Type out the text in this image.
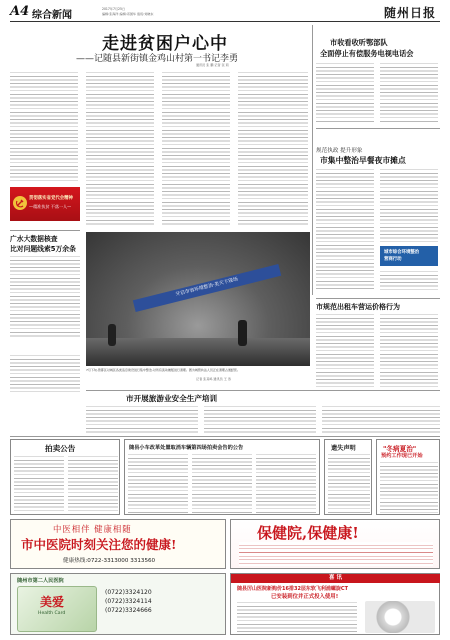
A4 综合新闻
2017年7月25日
编辑:张海洋 编辑:邓国华 值班:刘晓东	随州日报
走进贫困户心中
——记随县新街镇金鸡山村第一书记李勇
通讯员 张 鹏 记者 张 莉
贯彻落实省党代会精神
—精准扶贫 不落一人—
市收看收听鄂部队
全面停止有偿服务电视电话会
规范执政 提升形象
市集中整治早餐夜市摊点
城市综合环境整治
营商行动
广水大数据核查
比对问题线索5万余条
开启市容环境整治·美天下现场
7月下旬,曾都区对城区各类违章建设进行集中整治,对所有流动摊贩进行清理。图为城管执法人员正在清理占道经营。
记者 张其鸣 通讯员 王 涛
市规范出租车营运价格行为
市开展旅游业安全生产培训
拍卖公告	随县小车改革处置取消车辆第四场拍卖会告的公告	遗失声明	"冬病夏治"
预约工作现已开始
中医相伴 健康相随
市中医院时刻关注您的健康!
健康热线:0722-3313000 3313560
保健院,保健康!
随州市第二人民医院
美爱
Health Card
(0722)3324120
(0722)3324114
(0722)3324666
喜 讯
随县厉山医院新购价16排32层东软飞利浦螺旋CT
已安装到位并正式投入使用!
